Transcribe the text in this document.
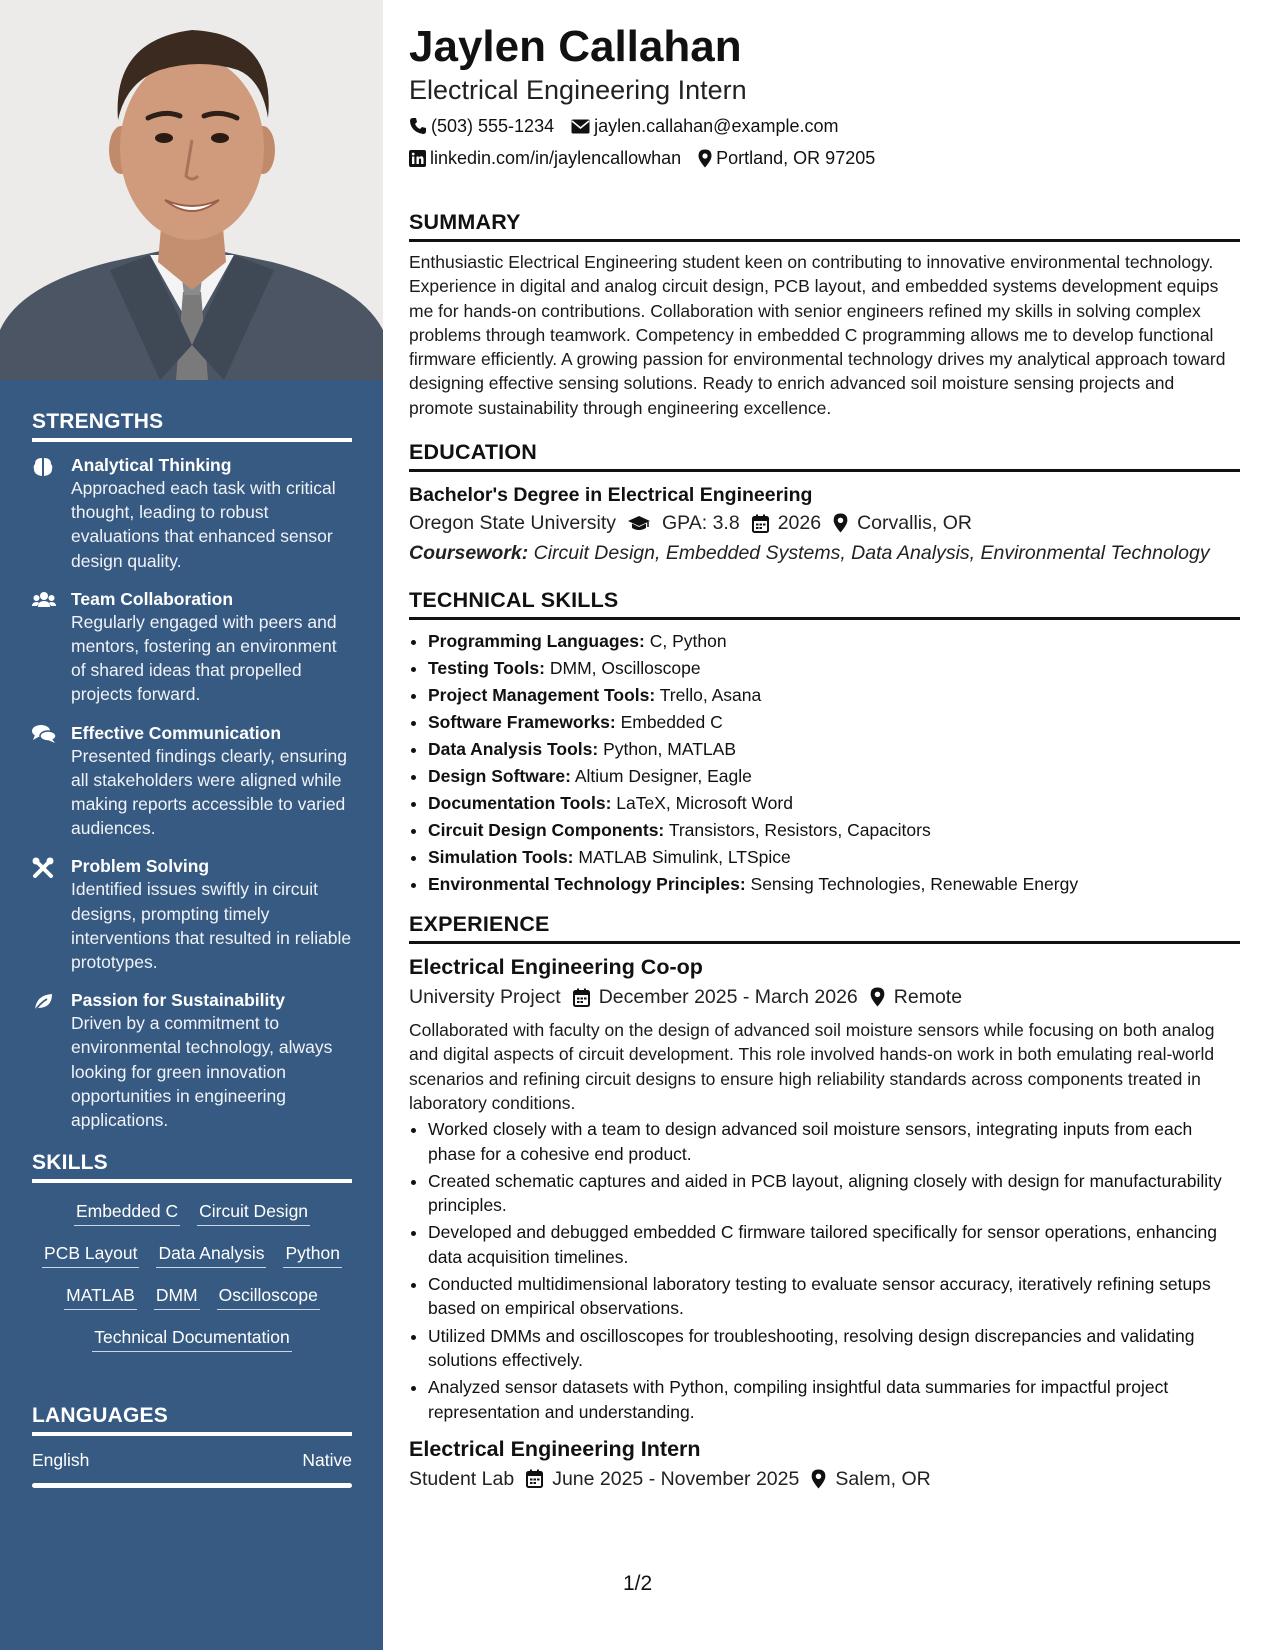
STRENGTHS
Analytical Thinking
Approached each task with critical thought, leading to robust evaluations that enhanced sensor design quality.
Team Collaboration
Regularly engaged with peers and mentors, fostering an environment of shared ideas that propelled projects forward.
Effective Communication
Presented findings clearly, ensuring all stakeholders were aligned while making reports accessible to varied audiences.
Problem Solving
Identified issues swiftly in circuit designs, prompting timely interventions that resulted in reliable prototypes.
Passion for Sustainability
Driven by a commitment to environmental technology, always looking for green innovation opportunities in engineering applications.
SKILLS
Embedded C Circuit Design
PCB Layout Data Analysis Python
MATLAB DMM Oscilloscope
Technical Documentation
LANGUAGES
English	Native
Jaylen Callahan
Electrical Engineering Intern
(503) 555-1234 jaylen.callahan@example.com
linkedin.com/in/jaylencallowhan Portland, OR 97205
SUMMARY
Enthusiastic Electrical Engineering student keen on contributing to innovative environmental technology. Experience in digital and analog circuit design, PCB layout, and embedded systems development equips me for hands-on contributions. Collaboration with senior engineers refined my skills in solving complex problems through teamwork. Competency in embedded C programming allows me to develop functional firmware efficiently. A growing passion for environmental technology drives my analytical approach toward designing effective sensing solutions. Ready to enrich advanced soil moisture sensing projects and promote sustainability through engineering excellence.
EDUCATION
Bachelor's Degree in Electrical Engineering
Oregon State University GPA: 3.8 2026 Corvallis, OR
Coursework: Circuit Design, Embedded Systems, Data Analysis, Environmental Technology
TECHNICAL SKILLS
• Programming Languages: C, Python
• Testing Tools: DMM, Oscilloscope
• Project Management Tools: Trello, Asana
• Software Frameworks: Embedded C
• Data Analysis Tools: Python, MATLAB
• Design Software: Altium Designer, Eagle
• Documentation Tools: LaTeX, Microsoft Word
• Circuit Design Components: Transistors, Resistors, Capacitors
• Simulation Tools: MATLAB Simulink, LTSpice
• Environmental Technology Principles: Sensing Technologies, Renewable Energy
EXPERIENCE
Electrical Engineering Co-op
University Project December 2025 - March 2026 Remote
Collaborated with faculty on the design of advanced soil moisture sensors while focusing on both analog and digital aspects of circuit development. This role involved hands-on work in both emulating real-world scenarios and refining circuit designs to ensure high reliability standards across components treated in laboratory conditions.
• Worked closely with a team to design advanced soil moisture sensors, integrating inputs from each phase for a cohesive end product.
• Created schematic captures and aided in PCB layout, aligning closely with design for manufacturability principles.
• Developed and debugged embedded C firmware tailored specifically for sensor operations, enhancing data acquisition timelines.
• Conducted multidimensional laboratory testing to evaluate sensor accuracy, iteratively refining setups based on empirical observations.
• Utilized DMMs and oscilloscopes for troubleshooting, resolving design discrepancies and validating solutions effectively.
• Analyzed sensor datasets with Python, compiling insightful data summaries for impactful project representation and understanding.
Electrical Engineering Intern
Student Lab June 2025 - November 2025 Salem, OR
1/2
